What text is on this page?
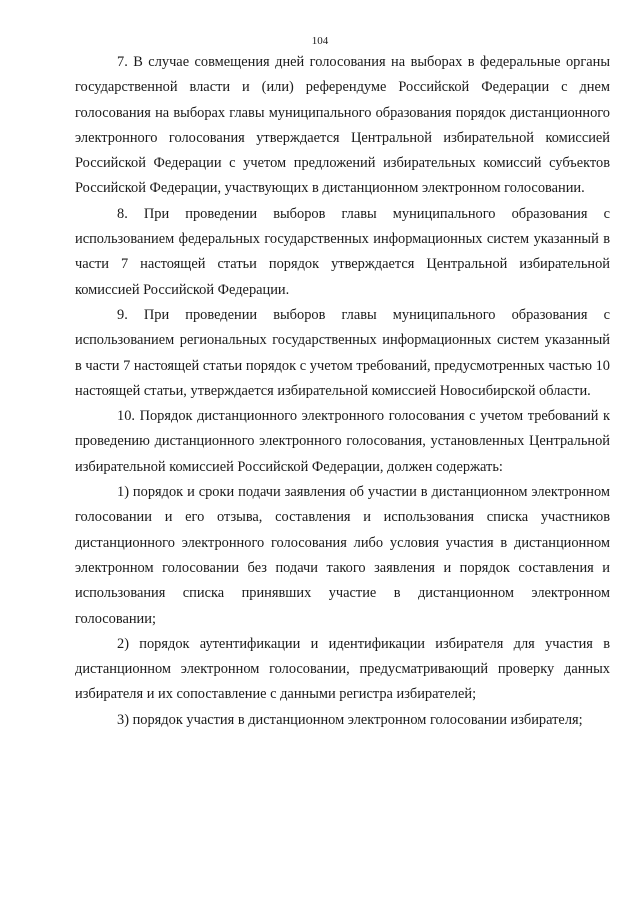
104

7. В случае совмещения дней голосования на выборах в федеральные органы государственной власти и (или) референдуме Российской Федерации с днем голосования на выборах главы муниципального образования порядок дистанционного электронного голосования утверждается Центральной избирательной комиссией Российской Федерации с учетом предложений избирательных комиссий субъектов Российской Федерации, участвующих в дистанционном электронном голосовании.

8. При проведении выборов главы муниципального образования с использованием федеральных государственных информационных систем указанный в части 7 настоящей статьи порядок утверждается Центральной избирательной комиссией Российской Федерации.

9. При проведении выборов главы муниципального образования с использованием региональных государственных информационных систем указанный в части 7 настоящей статьи порядок с учетом требований, предусмотренных частью 10 настоящей статьи, утверждается избирательной комиссией Новосибирской области.

10. Порядок дистанционного электронного голосования с учетом требований к проведению дистанционного электронного голосования, установленных Центральной избирательной комиссией Российской Федерации, должен содержать:

1) порядок и сроки подачи заявления об участии в дистанционном электронном голосовании и его отзыва, составления и использования списка участников дистанционного электронного голосования либо условия участия в дистанционном электронном голосовании без подачи такого заявления и порядок составления и использования списка принявших участие в дистанционном электронном голосовании;

2) порядок аутентификации и идентификации избирателя для участия в дистанционном электронном голосовании, предусматривающий проверку данных избирателя и их сопоставление с данными регистра избирателей;

3) порядок участия в дистанционном электронном голосовании избирателя;
